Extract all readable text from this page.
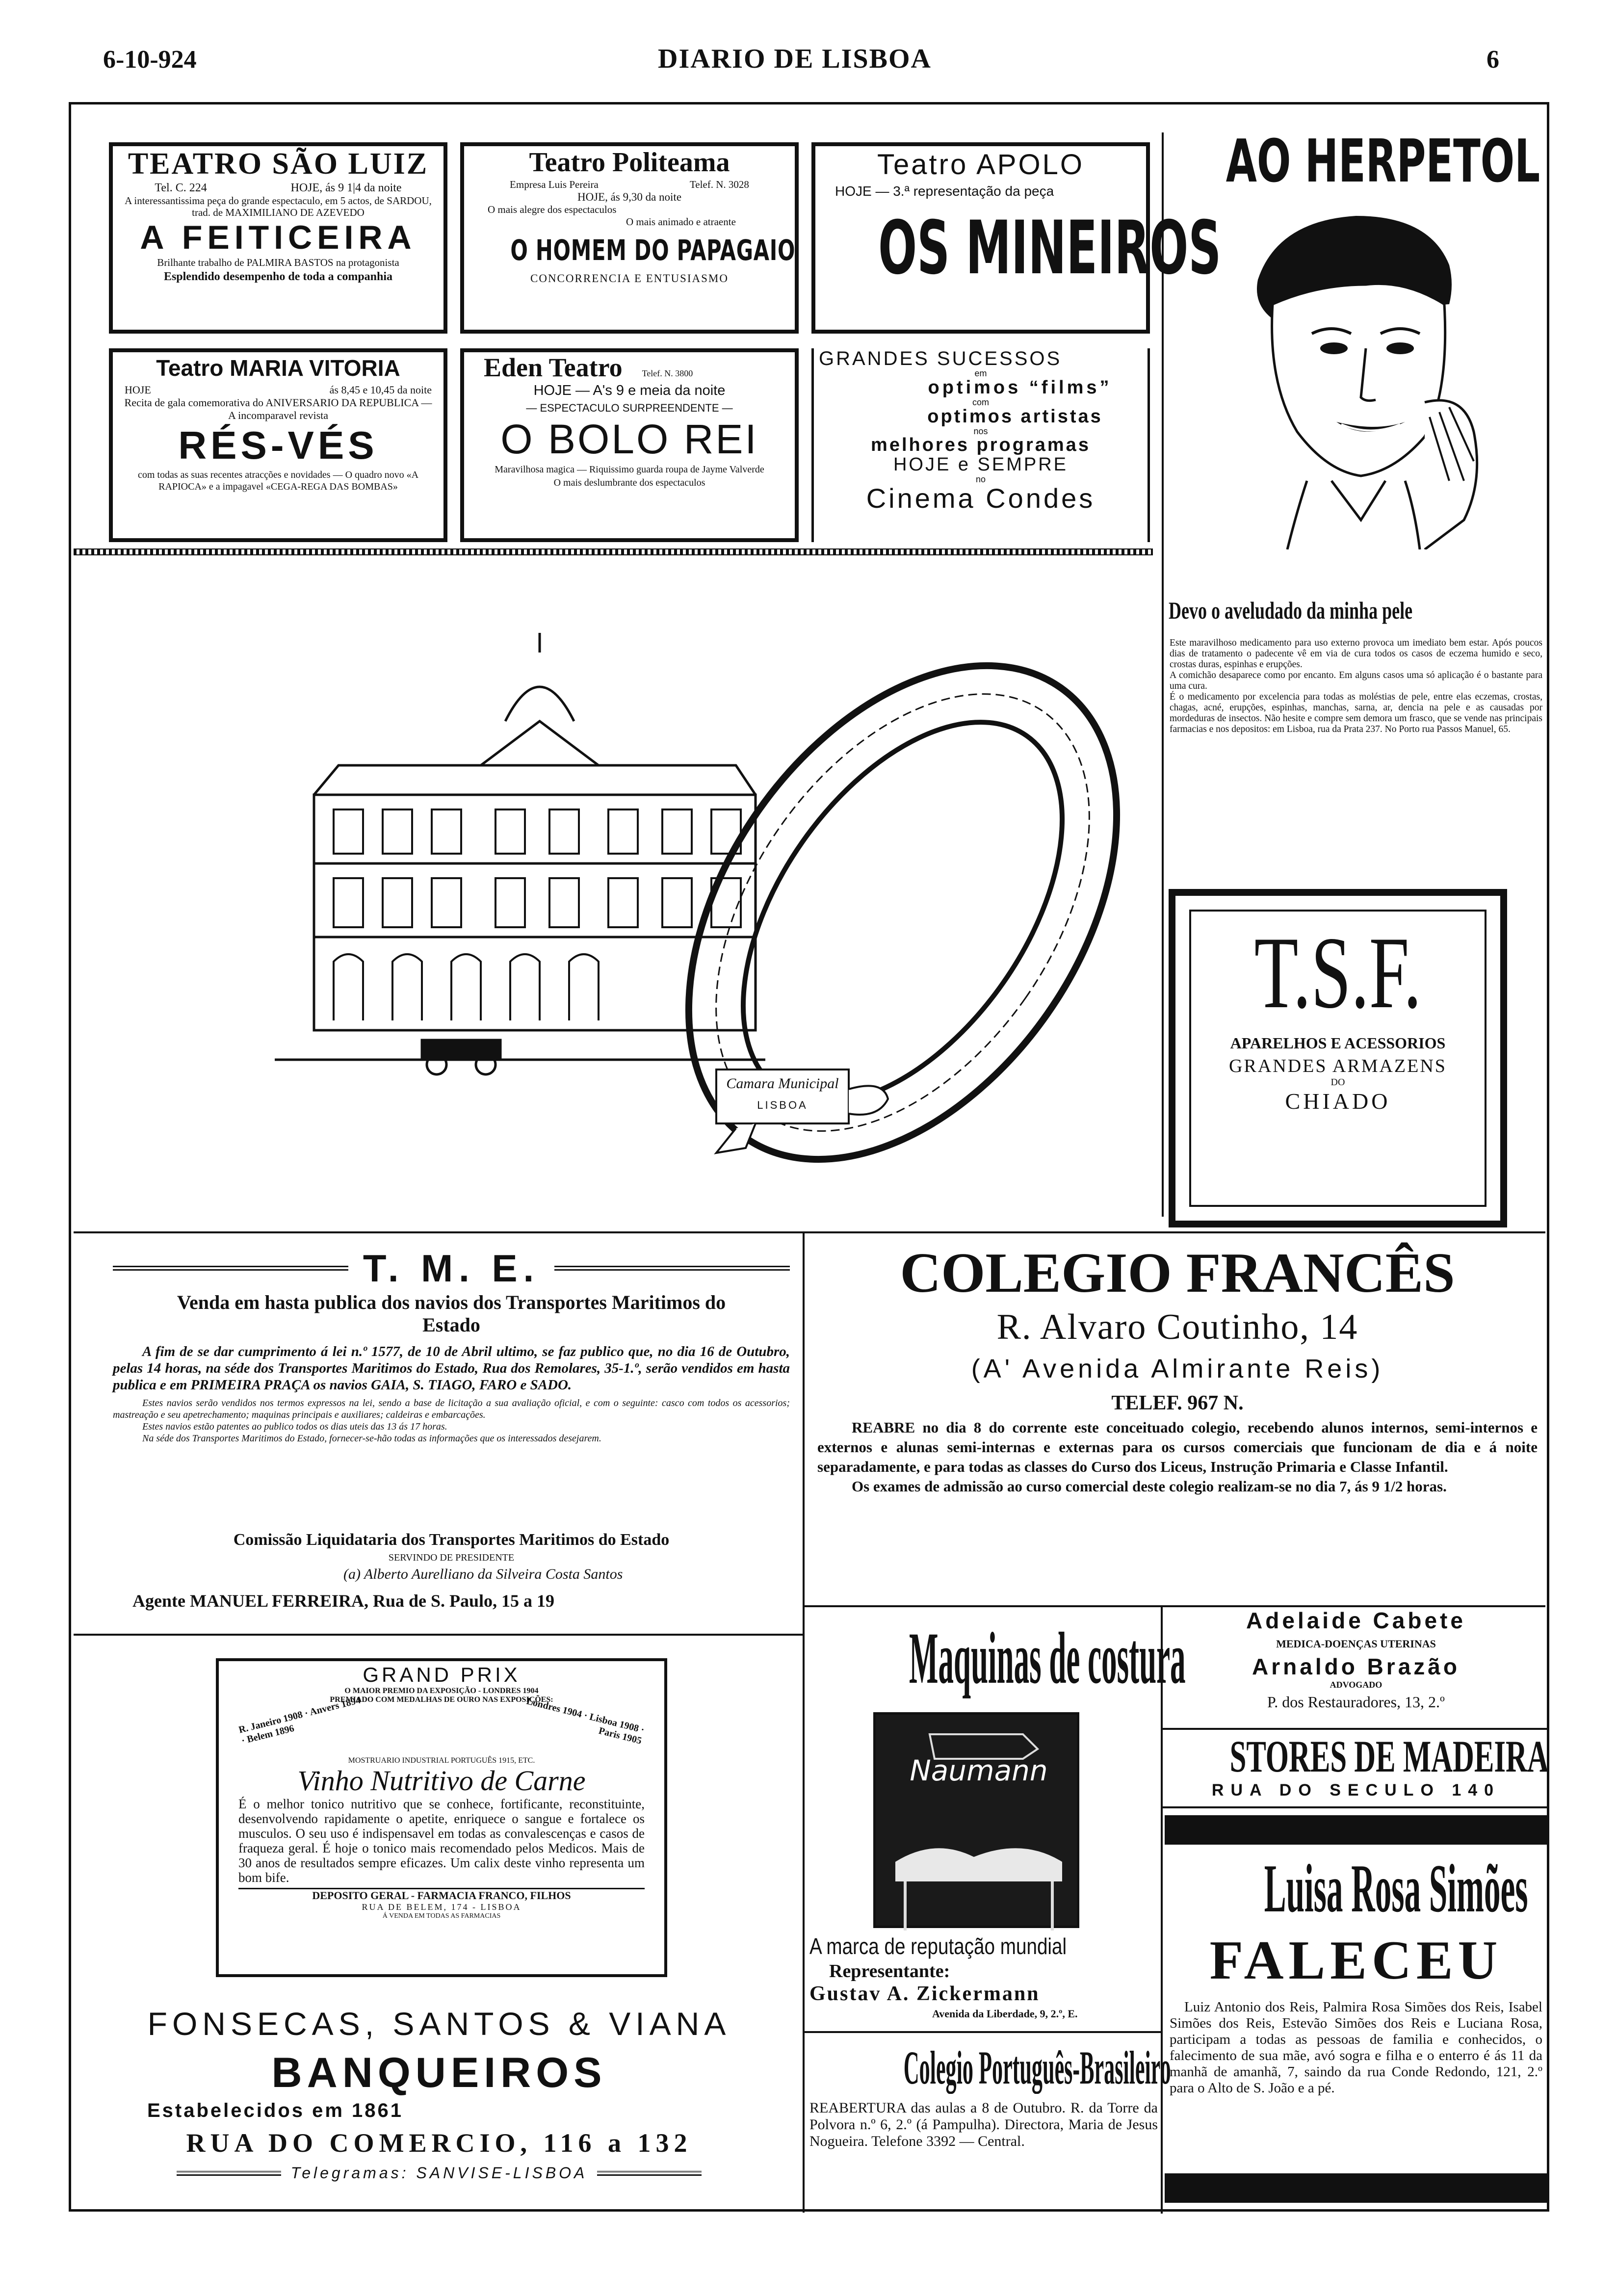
6-10-924	DIARIO DE LISBOA	6
TEATRO SÃO LUIZ
Tel. C. 224	HOJE, ás 9 1|4 da noite
A interessantissima peça do grande espectaculo, em 5 actos, de SARDOU, trad. de MAXIMILIANO DE AZEVEDO
A FEITICEIRA
Brilhante trabalho de PALMIRA BASTOS na protagonista
Esplendido desempenho de toda a companhia
Teatro Politeama
Empresa Luis Pereira	Telef. N. 3028
HOJE, ás 9,30 da noite
O mais alegre dos espectaculos
O mais animado e atraente
O HOMEM DO PAPAGAIO
CONCORRENCIA E ENTUSIASMO
Teatro APOLO
HOJE — 3.ª representação da peça
OS MINEIROS
Teatro MARIA VITORIA
HOJE	ás 8,45 e 10,45 da noite
Recita de gala comemorativa do ANIVERSARIO DA REPUBLICA — A incomparavel revista
RÉS-VÉS
com todas as suas recentes atracções e novidades — O quadro novo «A RAPIOCA» e a impagavel «CEGA-REGA DAS BOMBAS»
Eden Teatro Telef. N. 3800
HOJE — A's 9 e meia da noite
— ESPECTACULO SURPREENDENTE —
O BOLO REI
Maravilhosa magica — Riquissimo guarda roupa de Jayme Valverde
O mais deslumbrante dos espectaculos
GRANDES SUCESSOS
em
optimos “films”
com
optimos artistas
nos
melhores programas
HOJE e SEMPRE
no
Cinema Condes
AO HERPETOL
Devo o aveludado da minha pele

Este maravilhoso medicamento para uso externo provoca um imediato bem estar. Após poucos dias de tratamento o padecente vê em via de cura todos os casos de eczema humido e seco, crostas duras, espinhas e erupções.

A comichão desaparece como por encanto. Em alguns casos uma só aplicação é o bastante para uma cura.

É o medicamento por excelencia para todas as moléstias de pele, entre elas eczemas, crostas, chagas, acné, erupções, espinhas, manchas, sarna, ar, dencia na pele e as causadas por mordeduras de insectos. Não hesite e compre sem demora um frasco, que se vende nas principais farmacias e nos depositos: em Lisboa, rua da Prata 237. No Porto rua Passos Manuel, 65.

Camara Municipal
LISBOA
T.S.F.
APARELHOS E ACESSORIOS
GRANDES ARMAZENS
DO
CHIADO
T. M. E.
Venda em hasta publica dos navios dos Transportes Maritimos do Estado

A fim de se dar cumprimento á lei n.º 1577, de 10 de Abril ultimo, se faz publico que, no dia 16 de Outubro, pelas 14 horas, na séde dos Transportes Maritimos do Estado, Rua dos Remolares, 35-1.º, serão vendidos em hasta publica e em PRIMEIRA PRAÇA os navios GAIA, S. TIAGO, FARO e SADO.

Estes navios serão vendidos nos termos expressos na lei, sendo a base de licitação a sua avaliação oficial, e com o seguinte: casco com todos os acessorios; mastreação e seu apetrechamento; maquinas principais e auxiliares; caldeiras e embarcações.

Estes navios estão patentes ao publico todos os dias uteis das 13 ás 17 horas.

Na séde dos Transportes Maritimos do Estado, fornecer-se-hão todas as informações que os interessados desejarem.

Comissão Liquidataria dos Transportes Maritimos do Estado
SERVINDO DE PRESIDENTE
(a) Alberto Aurelliano da Silveira Costa Santos
Agente MANUEL FERREIRA, Rua de S. Paulo, 15 a 19
COLEGIO FRANCÊS
R. Alvaro Coutinho, 14
(A' Avenida Almirante Reis)
TELEF. 967 N.

REABRE no dia 8 do corrente este conceituado colegio, recebendo alunos internos, semi-internos e externos e alunas semi-internas e externas para os cursos comerciais que funcionam de dia e á noite separadamente, e para todas as classes do Curso dos Liceus, Instrução Primaria e Classe Infantil.

Os exames de admissão ao curso comercial deste colegio realizam-se no dia 7, ás 9 1/2 horas.

GRAND PRIX
O MAIOR PREMIO DA EXPOSIÇÃO - LONDRES 1904
PREMIADO COM MEDALHAS DE OURO NAS EXPOSIÇÕES:
R. Janeiro 1908 · Anvers 1894 · Belem 1896	Londres 1904 · Lisboa 1908 · Paris 1905
MOSTRUARIO INDUSTRIAL PORTUGUÊS 1915, ETC.
Vinho Nutritivo de Carne

É o melhor tonico nutritivo que se conhece, fortificante, reconstituinte, desenvolvendo rapidamente o apetite, enriquece o sangue e fortalece os musculos. O seu uso é indispensavel em todas as convalescenças e casos de fraqueza geral. É hoje o tonico mais recomendado pelos Medicos. Mais de 30 anos de resultados sempre eficazes. Um calix deste vinho representa um bom bife.

DEPOSITO GERAL - FARMACIA FRANCO, FILHOS
RUA DE BELEM, 174 - LISBOA
Á VENDA EM TODAS AS FARMACIAS
FONSECAS, SANTOS & VIANA
BANQUEIROS
Estabelecidos em 1861
RUA DO COMERCIO, 116 a 132
Telegramas: SANVISE-LISBOA
Maquinas de costura
Naumann
A marca de reputação mundial
Representante:
Gustav A. Zickermann
Avenida da Liberdade, 9, 2.º, E.
Colegio Português-Brasileiro

REABERTURA das aulas a 8 de Outubro. R. da Torre da Polvora n.º 6, 2.º (á Pampulha). Directora, Maria de Jesus Nogueira. Telefone 3392 — Central.

Adelaide Cabete
MEDICA-DOENÇAS UTERINAS
Arnaldo Brazão
ADVOGADO
P. dos Restauradores, 13, 2.º
STORES DE MADEIRA
RUA DO SECULO 140
Luisa Rosa Simões
FALECEU

Luiz Antonio dos Reis, Palmira Rosa Simões dos Reis, Isabel Simões dos Reis, Estevão Simões dos Reis e Luciana Rosa, participam a todas as pessoas de familia e conhecidos, o falecimento de sua mãe, avó sogra e filha e o enterro é ás 11 da manhã de amanhã, 7, saindo da rua Conde Redondo, 121, 2.º para o Alto de S. João e a pé.
